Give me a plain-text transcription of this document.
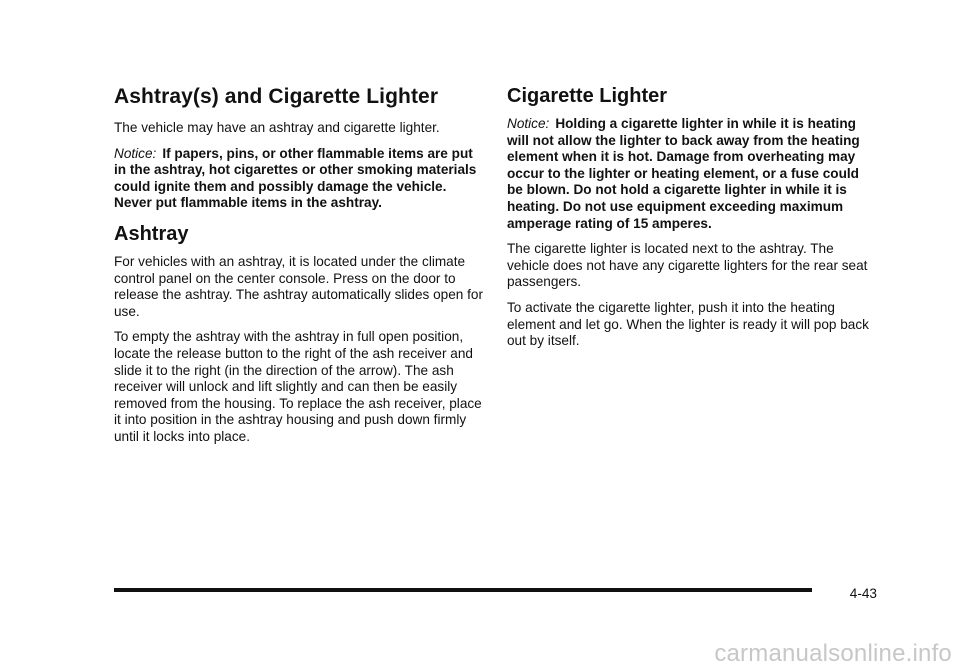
Ashtray(s) and Cigarette Lighter

The vehicle may have an ashtray and cigarette lighter.

Notice: If papers, pins, or other flammable items are put in the ashtray, hot cigarettes or other smoking materials could ignite them and possibly damage the vehicle. Never put flammable items in the ashtray.

Ashtray

For vehicles with an ashtray, it is located under the climate control panel on the center console. Press on the door to release the ashtray. The ashtray automatically slides open for use.

To empty the ashtray with the ashtray in full open position, locate the release button to the right of the ash receiver and slide it to the right (in the direction of the arrow). The ash receiver will unlock and lift slightly and can then be easily removed from the housing. To replace the ash receiver, place it into position in the ashtray housing and push down firmly until it locks into place.

Cigarette Lighter

Notice: Holding a cigarette lighter in while it is heating will not allow the lighter to back away from the heating element when it is hot. Damage from overheating may occur to the lighter or heating element, or a fuse could be blown. Do not hold a cigarette lighter in while it is heating. Do not use equipment exceeding maximum amperage rating of 15 amperes.

The cigarette lighter is located next to the ashtray. The vehicle does not have any cigarette lighters for the rear seat passengers.

To activate the cigarette lighter, push it into the heating element and let go. When the lighter is ready it will pop back out by itself.

4-43
carmanualsonline.info
